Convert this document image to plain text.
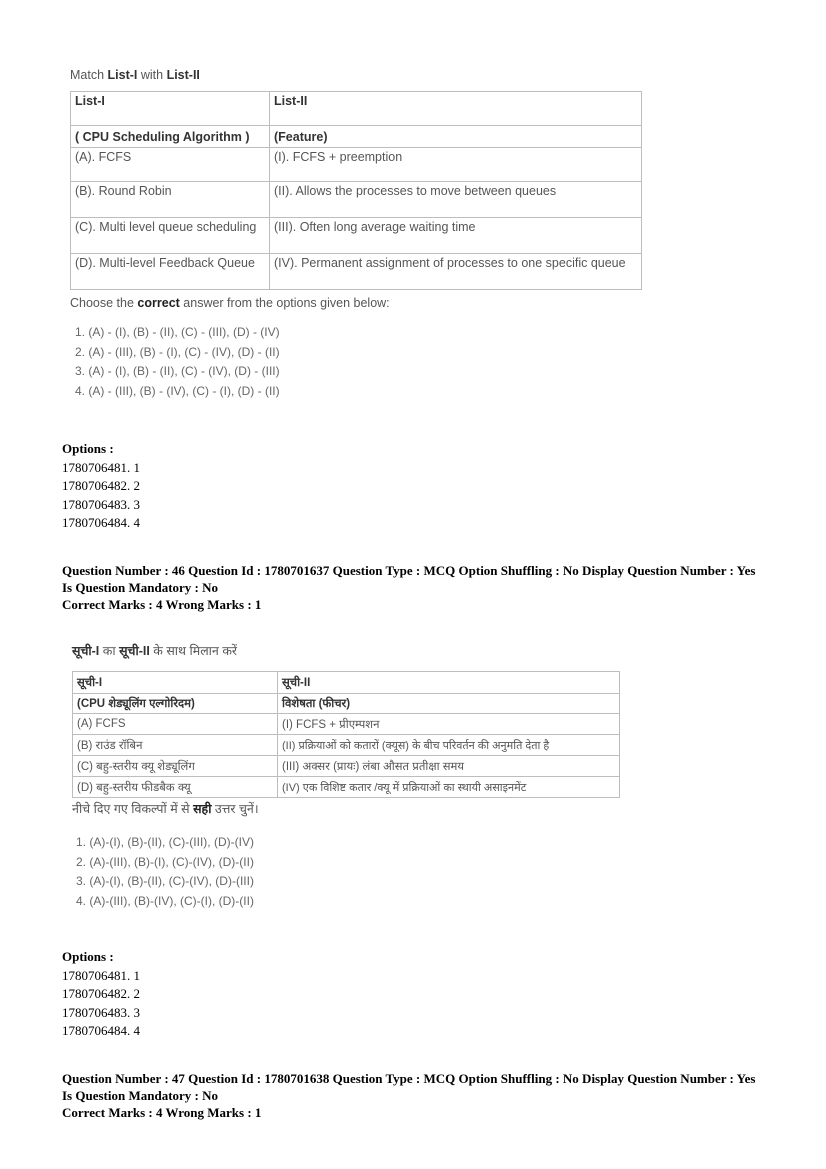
Match List-I with List-II
List-I	List-II
( CPU Scheduling Algorithm )	(Feature)
(A). FCFS	(I). FCFS + preemption
(B). Round Robin	(II). Allows the processes to move between queues
(C). Multi level queue scheduling	(III). Often long average waiting time
(D). Multi-level Feedback Queue	(IV). Permanent assignment of processes to one specific queue
Choose the correct answer from the options given below:
1. (A) - (I), (B) - (II), (C) - (III), (D) - (IV)
2. (A) - (III), (B) - (I), (C) - (IV), (D) - (II)
3. (A) - (I), (B) - (II), (C) - (IV), (D) - (III)
4. (A) - (III), (B) - (IV), (C) - (I), (D) - (II)
Options :
1780706481. 1
1780706482. 2
1780706483. 3
1780706484. 4
Question Number : 46 Question Id : 1780701637 Question Type : MCQ Option Shuffling : No Display Question Number : Yes
Is Question Mandatory : No
Correct Marks : 4 Wrong Marks : 1
सूची-I का सूची-II के साथ मिलान करें
सूची-I	सूची-II
(CPU शेड्यूलिंग एल्गोरिदम)	विशेषता (फीचर)
(A) FCFS	(I) FCFS + प्रीएम्पशन
(B) राउंड रॉबिन	(II) प्रक्रियाओं को कतारों (क्यूस) के बीच परिवर्तन की अनुमति देता है
(C) बहु-स्तरीय क्यू शेड्यूलिंग	(III) अक्सर (प्रायः) लंबा औसत प्रतीक्षा समय
(D) बहु-स्तरीय फीडबैक क्यू	(IV) एक विशिष्ट कतार /क्यू में प्रक्रियाओं का स्थायी असाइनमेंट
नीचे दिए गए विकल्पों में से सही उत्तर चुनें।
1. (A)-(I), (B)-(II), (C)-(III), (D)-(IV)
2. (A)-(III), (B)-(I), (C)-(IV), (D)-(II)
3. (A)-(I), (B)-(II), (C)-(IV), (D)-(III)
4. (A)-(III), (B)-(IV), (C)-(I), (D)-(II)
Options :
1780706481. 1
1780706482. 2
1780706483. 3
1780706484. 4
Question Number : 47 Question Id : 1780701638 Question Type : MCQ Option Shuffling : No Display Question Number : Yes
Is Question Mandatory : No
Correct Marks : 4 Wrong Marks : 1
